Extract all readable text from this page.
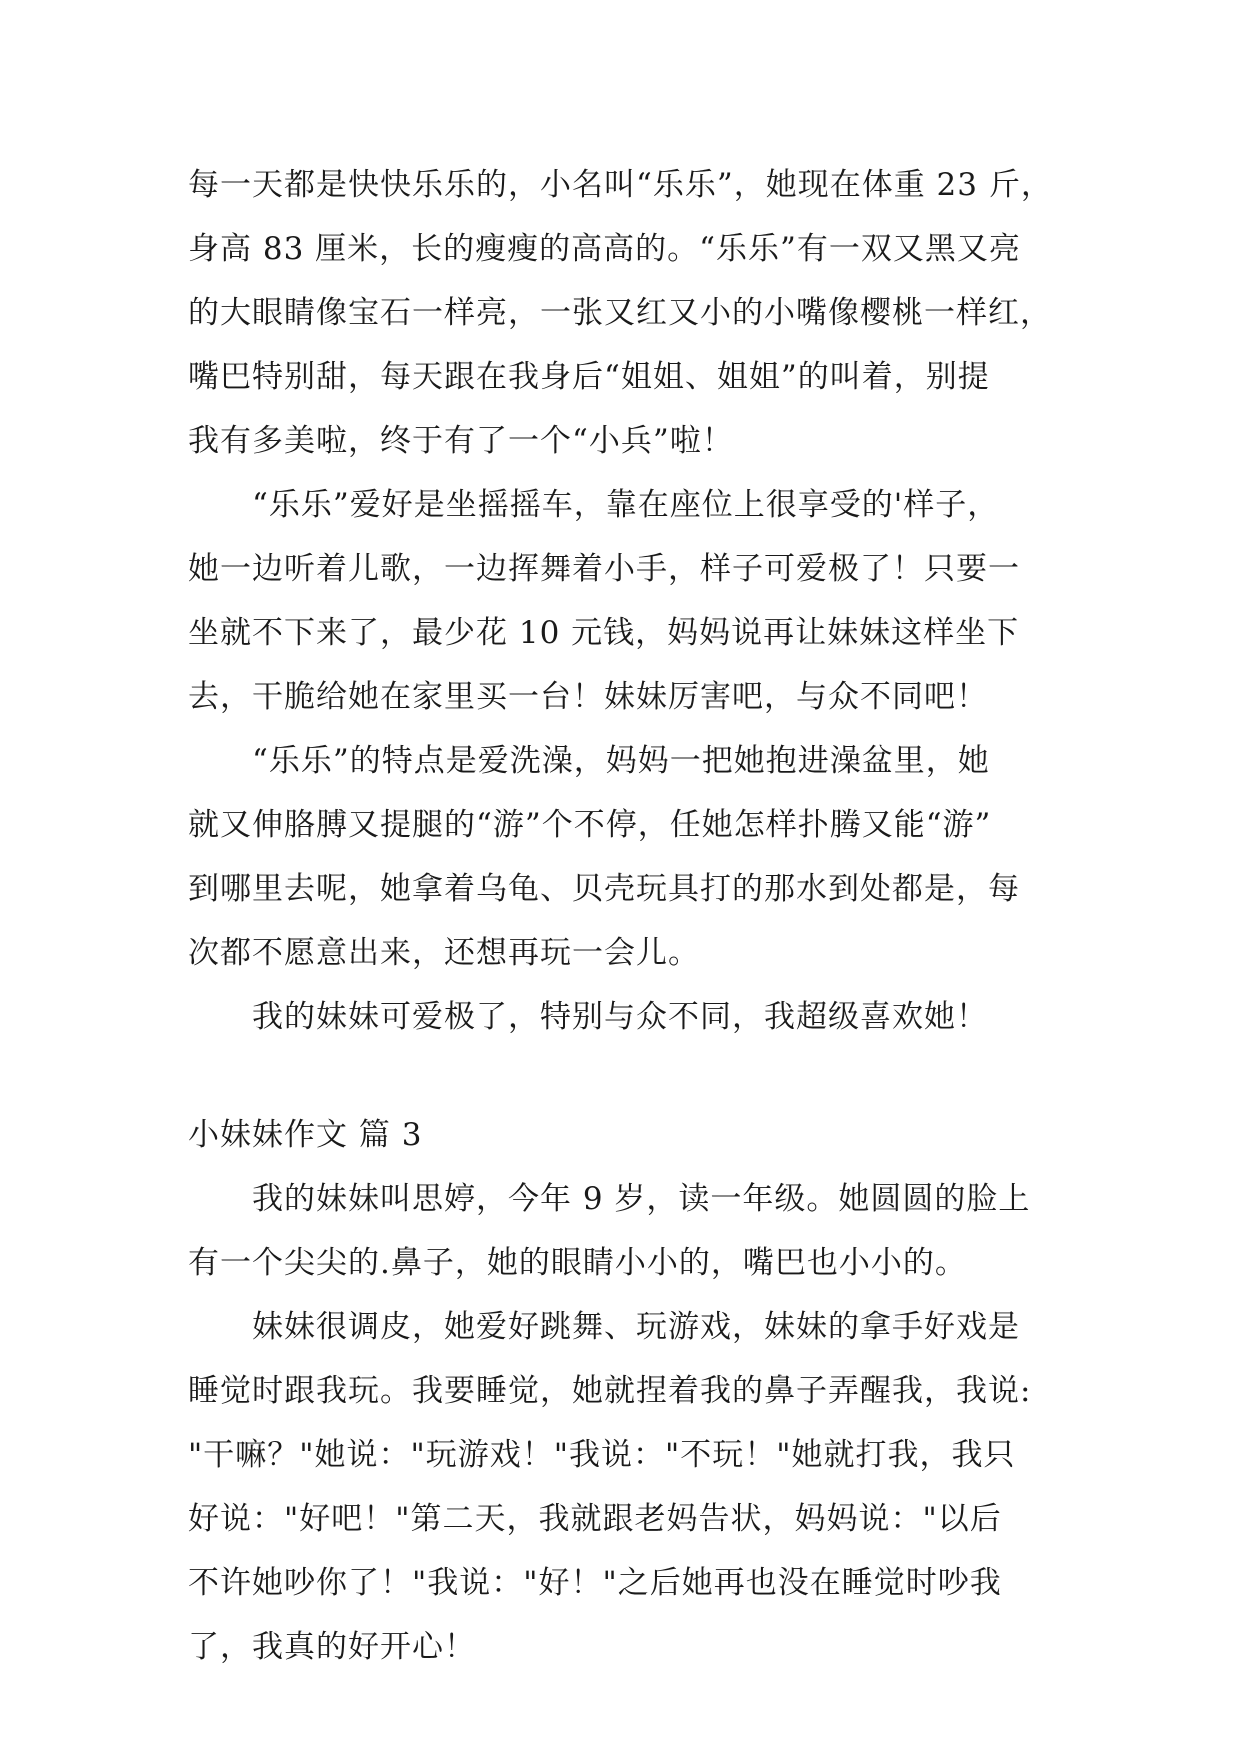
每一天都是快快乐乐的，小名叫“乐乐”，她现在体重 23 斤，
身高 83 厘米，长的瘦瘦的高高的。“乐乐”有一双又黑又亮
的大眼睛像宝石一样亮，一张又红又小的小嘴像樱桃一样红，
嘴巴特别甜，每天跟在我身后“姐姐、姐姐”的叫着，别提
我有多美啦，终于有了一个“小兵”啦！
“乐乐”爱好是坐摇摇车，靠在座位上很享受的'样子，
她一边听着儿歌，一边挥舞着小手，样子可爱极了！只要一
坐就不下来了，最少花 10 元钱，妈妈说再让妹妹这样坐下
去，干脆给她在家里买一台！妹妹厉害吧，与众不同吧！
“乐乐”的特点是爱洗澡，妈妈一把她抱进澡盆里，她
就又伸胳膊又提腿的“游”个不停，任她怎样扑腾又能“游”
到哪里去呢，她拿着乌龟、贝壳玩具打的那水到处都是，每
次都不愿意出来，还想再玩一会儿。
我的妹妹可爱极了，特别与众不同，我超级喜欢她！
小妹妹作文 篇 3
我的妹妹叫思婷，今年 9 岁，读一年级。她圆圆的脸上
有一个尖尖的.鼻子，她的眼睛小小的，嘴巴也小小的。
妹妹很调皮，她爱好跳舞、玩游戏，妹妹的拿手好戏是
睡觉时跟我玩。我要睡觉，她就捏着我的鼻子弄醒我，我说:
"干嘛？"她说："玩游戏！"我说："不玩！"她就打我，我只
好说："好吧！"第二天，我就跟老妈告状，妈妈说："以后
不许她吵你了！"我说："好！"之后她再也没在睡觉时吵我
了，我真的好开心！
